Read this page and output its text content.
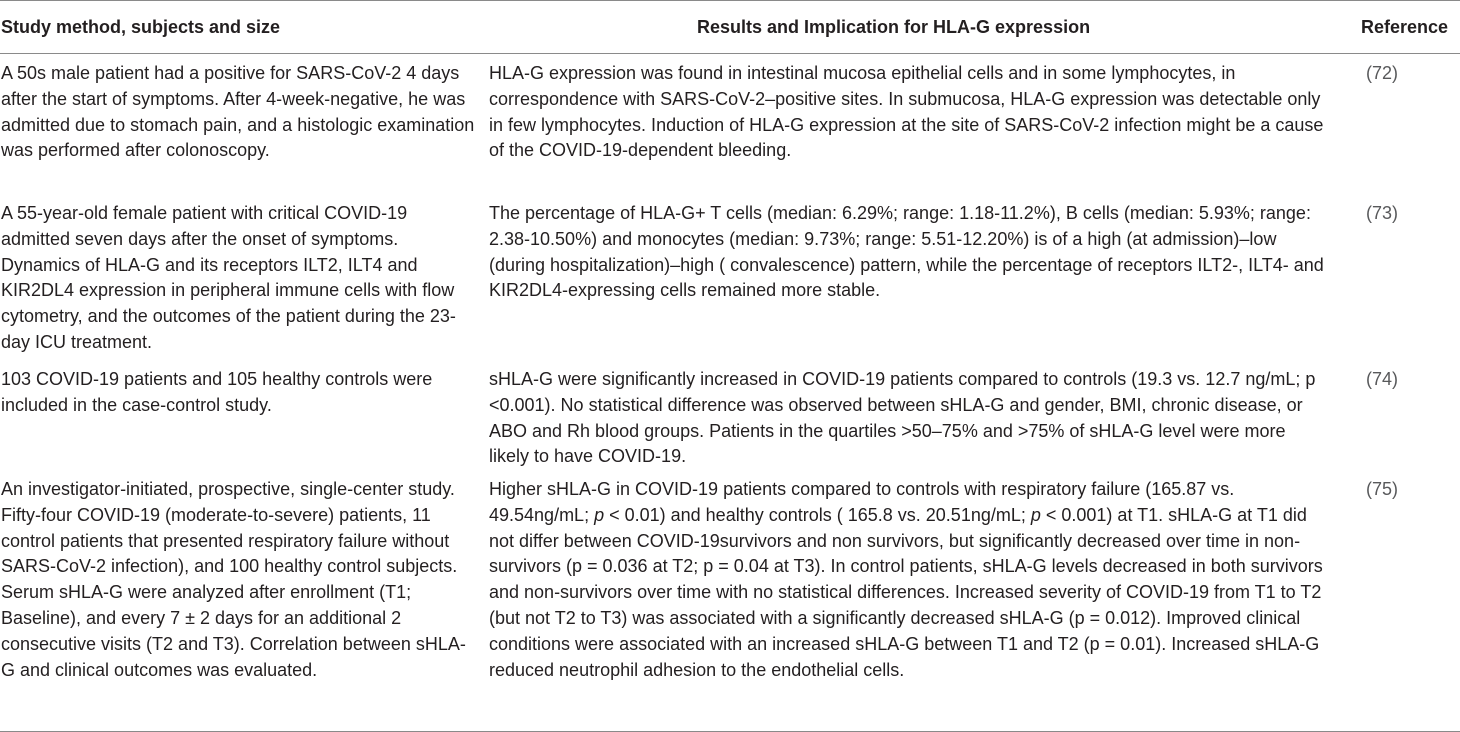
Study method, subjects and size	Results and Implication for HLA-G expression	Reference
A 50s male patient had a positive for SARS-CoV-2 4 days after the start of symptoms. After 4-week-negative, he was admitted due to stomach pain, and a histologic examination was performed after colonoscopy.
HLA-G expression was found in intestinal mucosa epithelial cells and in some lymphocytes, in correspondence with SARS-CoV-2–positive sites. In submucosa, HLA-G expression was detectable only in few lymphocytes. Induction of HLA-G expression at the site of SARS-CoV-2 infection might be a cause of the COVID-19-dependent bleeding.
(72)
A 55-year-old female patient with critical COVID-19 admitted seven days after the onset of symptoms. Dynamics of HLA-G and its receptors ILT2, ILT4 and KIR2DL4 expression in peripheral immune cells with flow cytometry, and the outcomes of the patient during the 23-day ICU treatment.
The percentage of HLA-G+ T cells (median: 6.29%; range: 1.18-11.2%), B cells (median: 5.93%; range: 2.38-10.50%) and monocytes (median: 9.73%; range: 5.51-12.20%) is of a high (at admission)–low (during hospitalization)–high ( convalescence) pattern, while the percentage of receptors ILT2-, ILT4- and KIR2DL4-expressing cells remained more stable.
(73)
103 COVID-19 patients and 105 healthy controls were included in the case-control study.
sHLA-G were significantly increased in COVID-19 patients compared to controls (19.3 vs. 12.7 ng/mL; p <0.001). No statistical difference was observed between sHLA-G and gender, BMI, chronic disease, or ABO and Rh blood groups. Patients in the quartiles >50–75% and >75% of sHLA-G level were more likely to have COVID-19.
(74)
An investigator-initiated, prospective, single-center study. Fifty-four COVID-19 (moderate-to-severe) patients, 11 control patients that presented respiratory failure without SARS-CoV-2 infection), and 100 healthy control subjects. Serum sHLA-G were analyzed after enrollment (T1; Baseline), and every 7 ± 2 days for an additional 2 consecutive visits (T2 and T3). Correlation between sHLA-G and clinical outcomes was evaluated.
Higher sHLA-G in COVID-19 patients compared to controls with respiratory failure (165.87 vs. 49.54ng/mL; p < 0.01) and healthy controls ( 165.8 vs. 20.51ng/mL; p < 0.001) at T1. sHLA-G at T1 did not differ between COVID-19survivors and non survivors, but significantly decreased over time in non-survivors (p = 0.036 at T2; p = 0.04 at T3). In control patients, sHLA-G levels decreased in both survivors and non-survivors over time with no statistical differences. Increased severity of COVID-19 from T1 to T2 (but not T2 to T3) was associated with a significantly decreased sHLA-G (p = 0.012). Improved clinical conditions were associated with an increased sHLA-G between T1 and T2 (p = 0.01). Increased sHLA-G reduced neutrophil adhesion to the endothelial cells.
(75)
